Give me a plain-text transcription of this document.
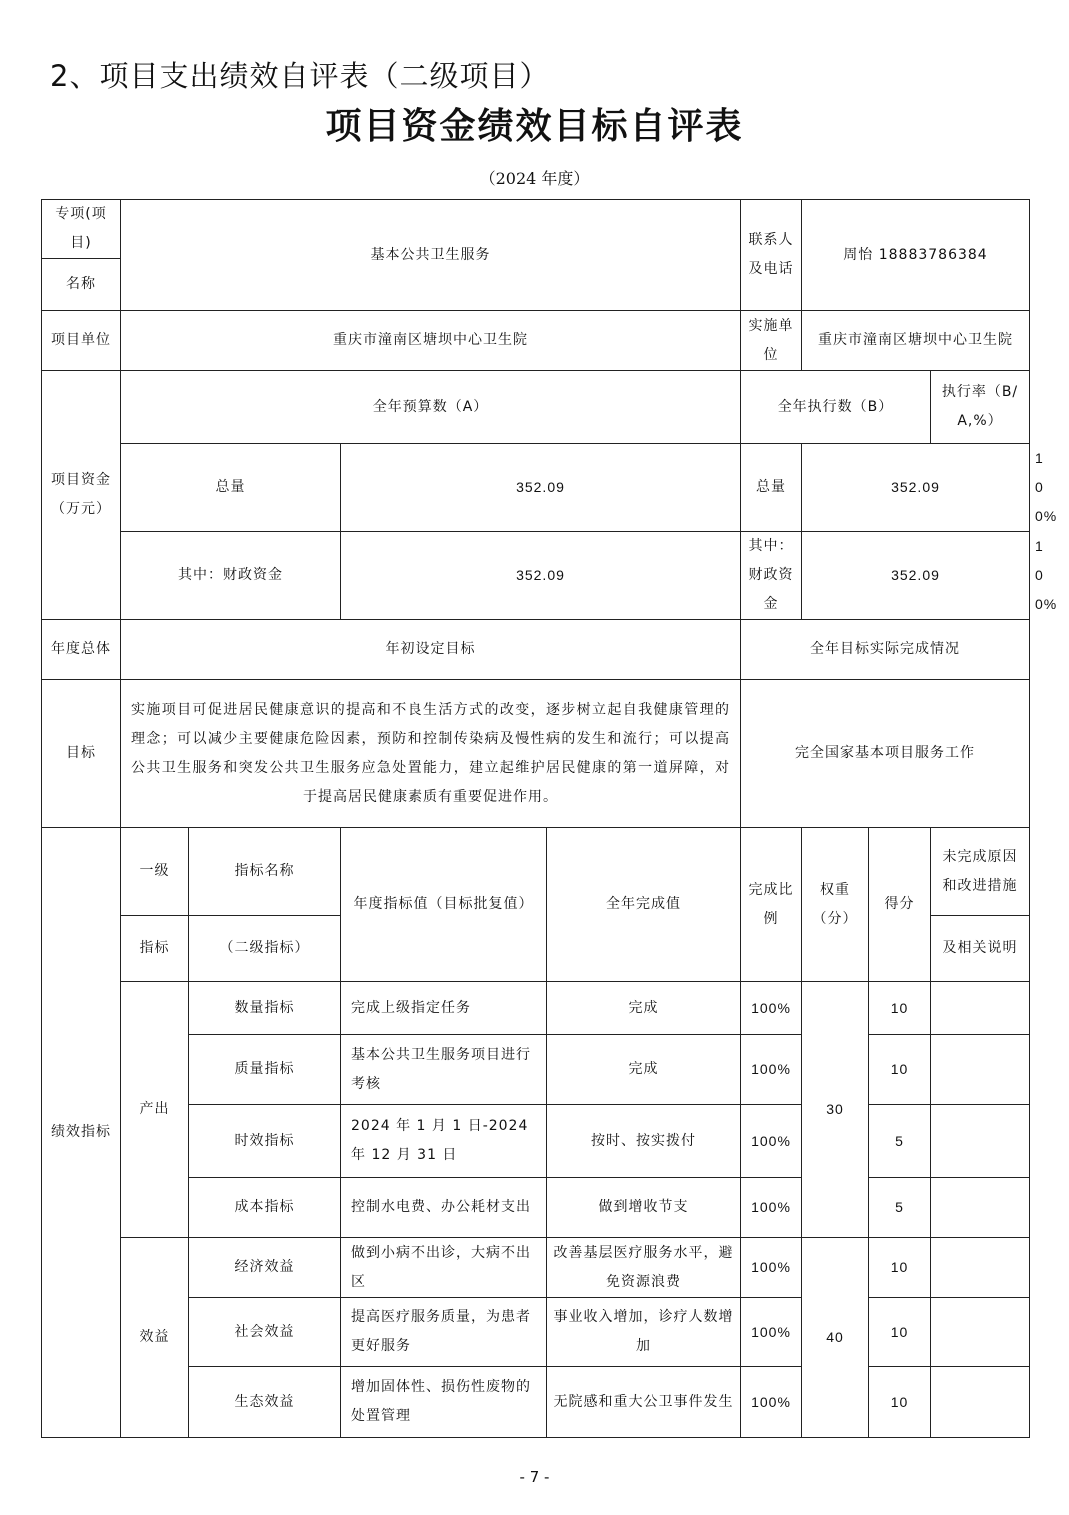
2、项目支出绩效自评表（二级项目）
项目资金绩效目标自评表
（2024 年度）
专项(项目)	基本公共卫生服务				联系人及电话	周怡 18883786384			
名称									
项目单位	重庆市潼南区塘坝中心卫生院				实施单位	重庆市潼南区塘坝中心卫生院			
项目资金（万元）	全年预算数（A）				全年执行数（B）			执行率（B/A,%）	
	总量		352.09		总量	352.09			100%
	其中：财政资金		352.09		其中：财政资金	352.09			100%
年度总体	年初设定目标				全年目标实际完成情况				
目标	实施项目可促进居民健康意识的提高和不良生活方式的改变，逐步树立起自我健康管理的理念；可以减少主要健康危险因素，预防和控制传染病及慢性病的发生和流行；可以提高公共卫生服务和突发公共卫生服务应急处置能力，建立起维护居民健康的第一道屏障，对于提高居民健康素质有重要促进作用。				完全国家基本项目服务工作				
绩效指标	一级	指标名称	年度指标值（目标批复值）	全年完成值	完成比例	权重（分）	得分	未完成原因和改进措施	
	指标	（二级指标）						及相关说明	
	产出	数量指标	完成上级指定任务	完成	100%	30	10		
		质量指标	基本公共卫生服务项目进行考核	完成	100%		10		
		时效指标	2024 年 1 月 1 日-2024 年 12 月 31 日	按时、按实拨付	100%		5		
		成本指标	控制水电费、办公耗材支出	做到增收节支	100%		5		
	效益	经济效益	做到小病不出诊，大病不出区	改善基层医疗服务水平，避免资源浪费	100%	40	10		
		社会效益	提高医疗服务质量，为患者更好服务	事业收入增加，诊疗人数增加	100%		10		
		生态效益	增加固体性、损伤性废物的处置管理	无院感和重大公卫事件发生	100%		10		
- 7 -
